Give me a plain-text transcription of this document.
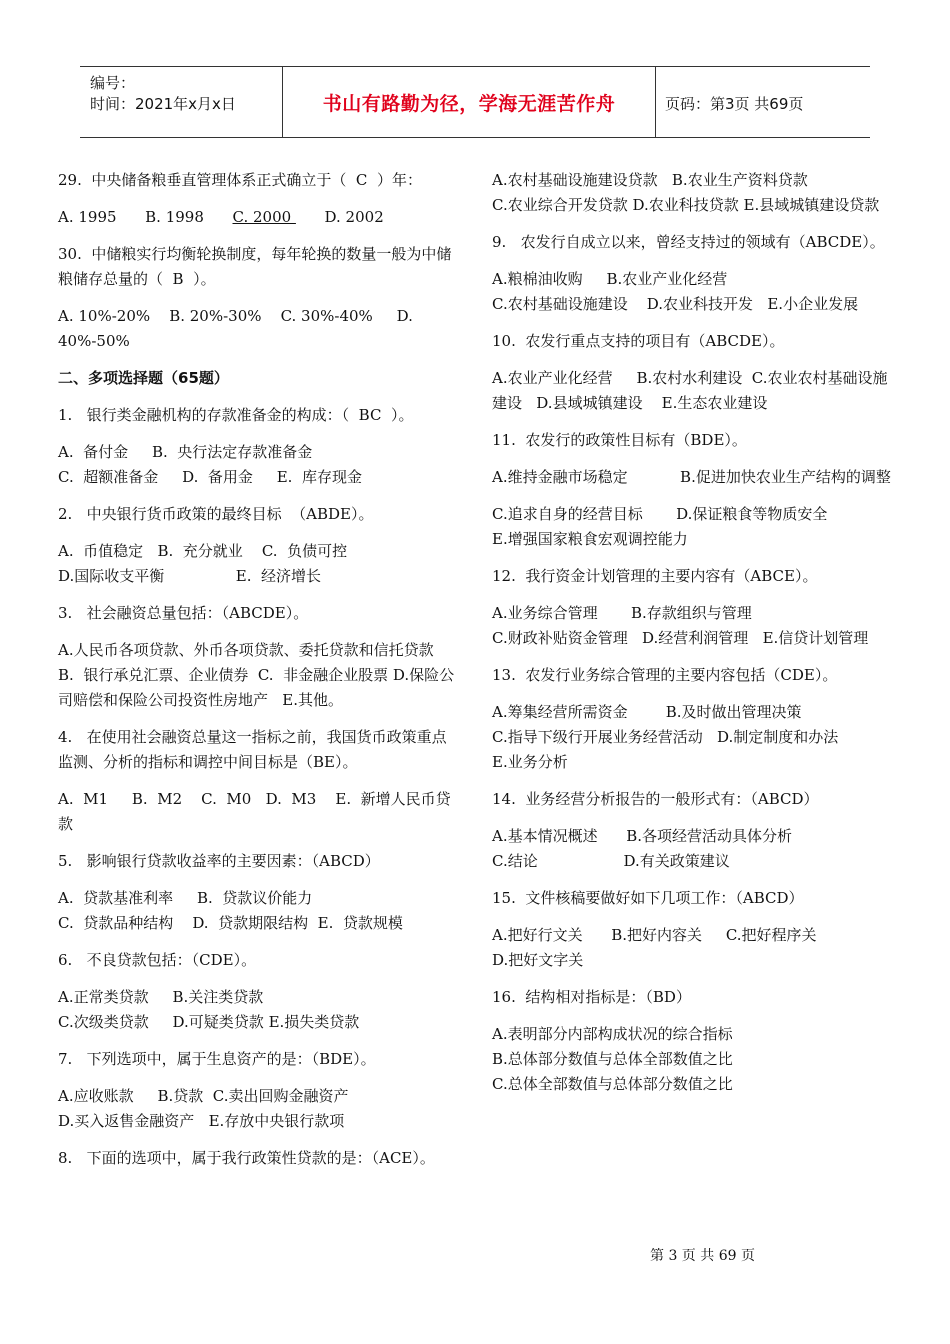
编号：
时间：2021年x月x日	书山有路勤为径，学海无涯苦作舟	页码：第3页 共69页

29.  中央储备粮垂直管理体系正式确立于（  C  ）年：

A. 1995      B. 1998      C. 2000       D. 2002

30.  中储粮实行均衡轮换制度，每年轮换的数量一般为中储粮储存总量的（  B  ）。

A. 10%-20%    B. 20%-30%    C. 30%-40%     D. 40%-50%

二、多项选择题（65题）

1.   银行类金融机构的存款准备金的构成：（  BC  ）。

A.  备付金     B.  央行法定存款准备金
C.  超额准备金     D.  备用金     E.  库存现金

2.   中央银行货币政策的最终目标  （ABDE）。

A.  币值稳定   B.  充分就业    C.  负债可控
D.国际收支平衡               E.  经济增长

3.   社会融资总量包括：（ABCDE）。

A.人民币各项贷款、外币各项贷款、委托贷款和信托贷款  B.  银行承兑汇票、企业债券  C.  非金融企业股票 D.保险公司赔偿和保险公司投资性房地产   E.其他。

4.   在使用社会融资总量这一指标之前，我国货币政策重点监测、分析的指标和调控中间目标是（BE）。

A.  M1     B.  M2    C.  M0   D.  M3    E.  新增人民币贷款

5.   影响银行贷款收益率的主要因素：（ABCD）

A.  贷款基准利率     B.  贷款议价能力
C.  贷款品种结构    D.  贷款期限结构  E.  贷款规模

6.   不良贷款包括：（CDE）。

A.正常类贷款     B.关注类贷款
C.次级类贷款     D.可疑类贷款 E.损失类贷款

7.   下列选项中，属于生息资产的是：（BDE）。

A.应收账款     B.贷款  C.卖出回购金融资产
D.买入返售金融资产   E.存放中央银行款项

8.   下面的选项中，属于我行政策性贷款的是：（ACE）。

A.农村基础设施建设贷款   B.农业生产资料贷款
C.农业综合开发贷款 D.农业科技贷款 E.县域城镇建设贷款

9.   农发行自成立以来，曾经支持过的领域有（ABCDE）。

A.粮棉油收购     B.农业产业化经营
C.农村基础设施建设    D.农业科技开发   E.小企业发展

10.  农发行重点支持的项目有（ABCDE）。

A.农业产业化经营     B.农村水利建设  C.农业农村基础设施建设   D.县域城镇建设    E.生态农业建设

11.  农发行的政策性目标有（BDE）。

A.维持金融市场稳定           B.促进加快农业生产结构的调整

C.追求自身的经营目标       D.保证粮食等物质安全
E.增强国家粮食宏观调控能力

12.  我行资金计划管理的主要内容有（ABCE）。

A.业务综合管理       B.存款组织与管理
C.财政补贴资金管理   D.经营利润管理   E.信贷计划管理

13.  农发行业务综合管理的主要内容包括（CDE）。

A.筹集经营所需资金        B.及时做出管理决策
C.指导下级行开展业务经营活动   D.制定制度和办法
E.业务分析

14.  业务经营分析报告的一般形式有：（ABCD）

A.基本情况概述      B.各项经营活动具体分析
C.结论                  D.有关政策建议

15.  文件核稿要做好如下几项工作：（ABCD）

A.把好行文关      B.把好内容关     C.把好程序关
D.把好文字关

16.  结构相对指标是：（BD）

A.表明部分内部构成状况的综合指标
B.总体部分数值与总体全部数值之比
C.总体全部数值与总体部分数值之比

第 3 页 共 69 页
